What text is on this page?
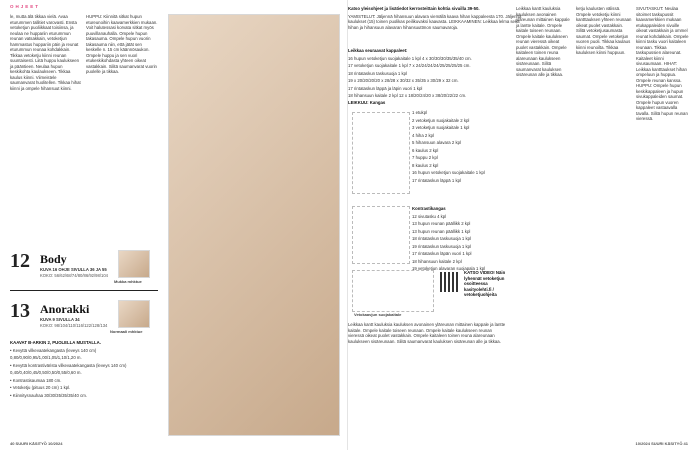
OHJEET

le, mutta älä tikkaa vielä. Avaa eturummen tallitiet varovasti. Ensta vetoketjun puoliikkaat toisiinsa, ja neulaa ne huppariin eturummun reunan vatsakkain, vetoketjun hammastus huppariin päin ja reunat eturummun reunaa kohdakkain. Tikkaa vetoketju kiinni reunan suuntaisesti. Liitä huppu kaulukseen ja pääntieen. Neulaa hupun keskikohta kaulaukseen. Tikkaa kaulus kiinni. Viimeistele saumanvarat huolitellen. Tikkaa hihat kiinni ja ompele hihansuut kiinni.

HUPPU: Kiinnitä sitkat hupun etureunoihin kaavamerkkien mukaan. Voit halutessasi korvata sitkat myös puuvillanauhalla. Ompele hupun takasauma. Ompele hupun vuorin takasauma niin, että jätät sen keskelle n. 15 cm käännösaukon. Ompele huppu ja sen vuori etukeskikohdasta yhteen oikeat vastakkain. Silitä saumanvarat vuorin puolelle ja tikkaa.

12 Body
KUVA 16 OHJE SIVULLA 36 JA 55
KOKO: 56/62/68/74/80/86/92/98/104
Mukka mhktue
13 Anorakki
KUVA 9 SIVULLA 34
KOKO: 98/104/110/116/122/128/134
Normaali mhktue

KAAVAT B-ARKIN 2, PUOLELLA MUSTALLA.

• Kevyttä vilkevaatekangasta (leveys 140 cm)

0,80/0,90/0,95/1,00/1,05/1,10/1,20 m.

• Kevyttä kontrastivärista vilkevaatekangasta (leveys 140 cm)

0,40/0,40/0,45/0,50/0,50/0,55/0,60 m.

• Kontrastisaumaa 180 cm.

• Vetoketju (pituus 20 cm) 1 kpl.

• Kiinnitysnauhaa 30/30/35/35/35/40 cm.

40 SUURI KÄSITYÖ 10/2024

Katso yleisohjeet ja lisätiedot kerrosteittain kohtia sivuilla 39-50.

YAMISTELUT: Jäljennä hihansuun alavara viemällä kaava hihan kappaleesta 170. Jäljennä kaulukset (15) toinen puolikas peilikuvaksi kaavasta. LEIKKAAMINEN: Leikkaa lelma sekä hihan ja hihansuun alavaran hihansuuttmon saumavaroja.

Leikkaa seuraavat kappaleet:

16 hupun vetoketjun suojakaitale 1 kpl 4 x 30/30/30/35/35/40 cm.

17 vetoketjun suojakaitale 1 kpl 7 x 24/24/24/24/25/25/25/25 cm.

18 rintataskun taskusuoja 1 kpl

19 x 20/20/20/20 x 28/28 x 30/32 x 35/35 x 30/29 x 32 cm.

17 rintataskun läppä ja läpin vuori 1 kpl

18 hihansuun kaitale 2 kpl 12 x 18/20/24/20 x 38/20/22/22 cm.

LEIKKUU: Kangas

1 etukpl

2 vetoketjun suojakaitale 2 kpl

3 vetoketjun suojakaitale 1 kpl

4 hiha 2 kpl

5 hihansuun alavara 2 kpl

6 kaulus 2 kpl

7 huppu 2 kpl

8 kaulus 2 kpl

16 hupun vetoketjun suojakaitale 1 kpl

17 rintataskun läppä 1 kpl

Kontrastikangas

12 sivutasku 4 kpl

13 hupun reunan päällikk 2 kpl

13 hupun reunan päällikk 1 kpl

18 rintataskun taskusuoja 1 kpl

19 rintataskun taskusuoja 1 kpl

17 rintataskun läpän vuori 1 kpl

18 hihansuun kaitale 2 kpl

19 vetoketjun alavaran suojapala 1 kpl

Vetokaavjun suojakaitale

KATSO VIDEO! Näin lyhennät vetoketjun osoitteessa kasityolehti.fi / vetoketjuohjeita

Leikkaa kantt kauluksia kauluksen avonainen yläreunan mittainen kappale ja lantte kaitale. Ompele kaitale toiseen reunaan. Ompele kaitale kaulukseen reunan vieressä oikeat puolet vastakkain. Ompele kaitaleen toinen reuna alareunaan kaulukseen sisäreunaan. Silitä saumanvarat kauluksen sisäreunan alle ja tikkaa.

Leikkaa kantt kauluksia kauluksen avonainen yläreunan mittainen kappale ja lantte kaitale. Ompele kaitale toiseen reunaan. Ompele kaitale kaulukseen reunan vieressä oikeat puolet vastakkain. Ompele kaitaleen toinen reuna alareunaan kaulukseen sisäreunaan. Silitä saumanvarat kauluksen sisäreunan alle ja tikkaa.

ketju kaulusten välissä. Ompele vetoketju kiinni kantttauksen yhteen reunaan oikeat puolet vastakkain. Silitä vetoketjusaumasta saumat. Ompele vetoketjun vuoren puoli. Tikkaa kaulaus kiinni reunoilta. Tikkaa kauluksen kiinni huppuun.

SIVUTASKUT: Neulaa sitoimet taskupussit kaavamerkkien mukaan etukappaleiden sivuille oikeat vastakkain ja ommel reunat kohdakkain. Ompele kiinni tasku vuori kaitaleen reunaan. Tikkaa taskupussien alareunat. Kaitaleet kiinni sivusaumaan. HIHAT: Leikkaa kantttaukset hihan ompeluun ja huppua. Ompele reunan kanssa. HUPPU: Ompele hupun keskikappaleen ja hupun sivukappaleiden saumat. Ompele hupun vuoren kappaleet vastaavalla tavalla. Silitä hupun reunan vieressä.

10/2024 SUURI KÄSITYÖ 41
